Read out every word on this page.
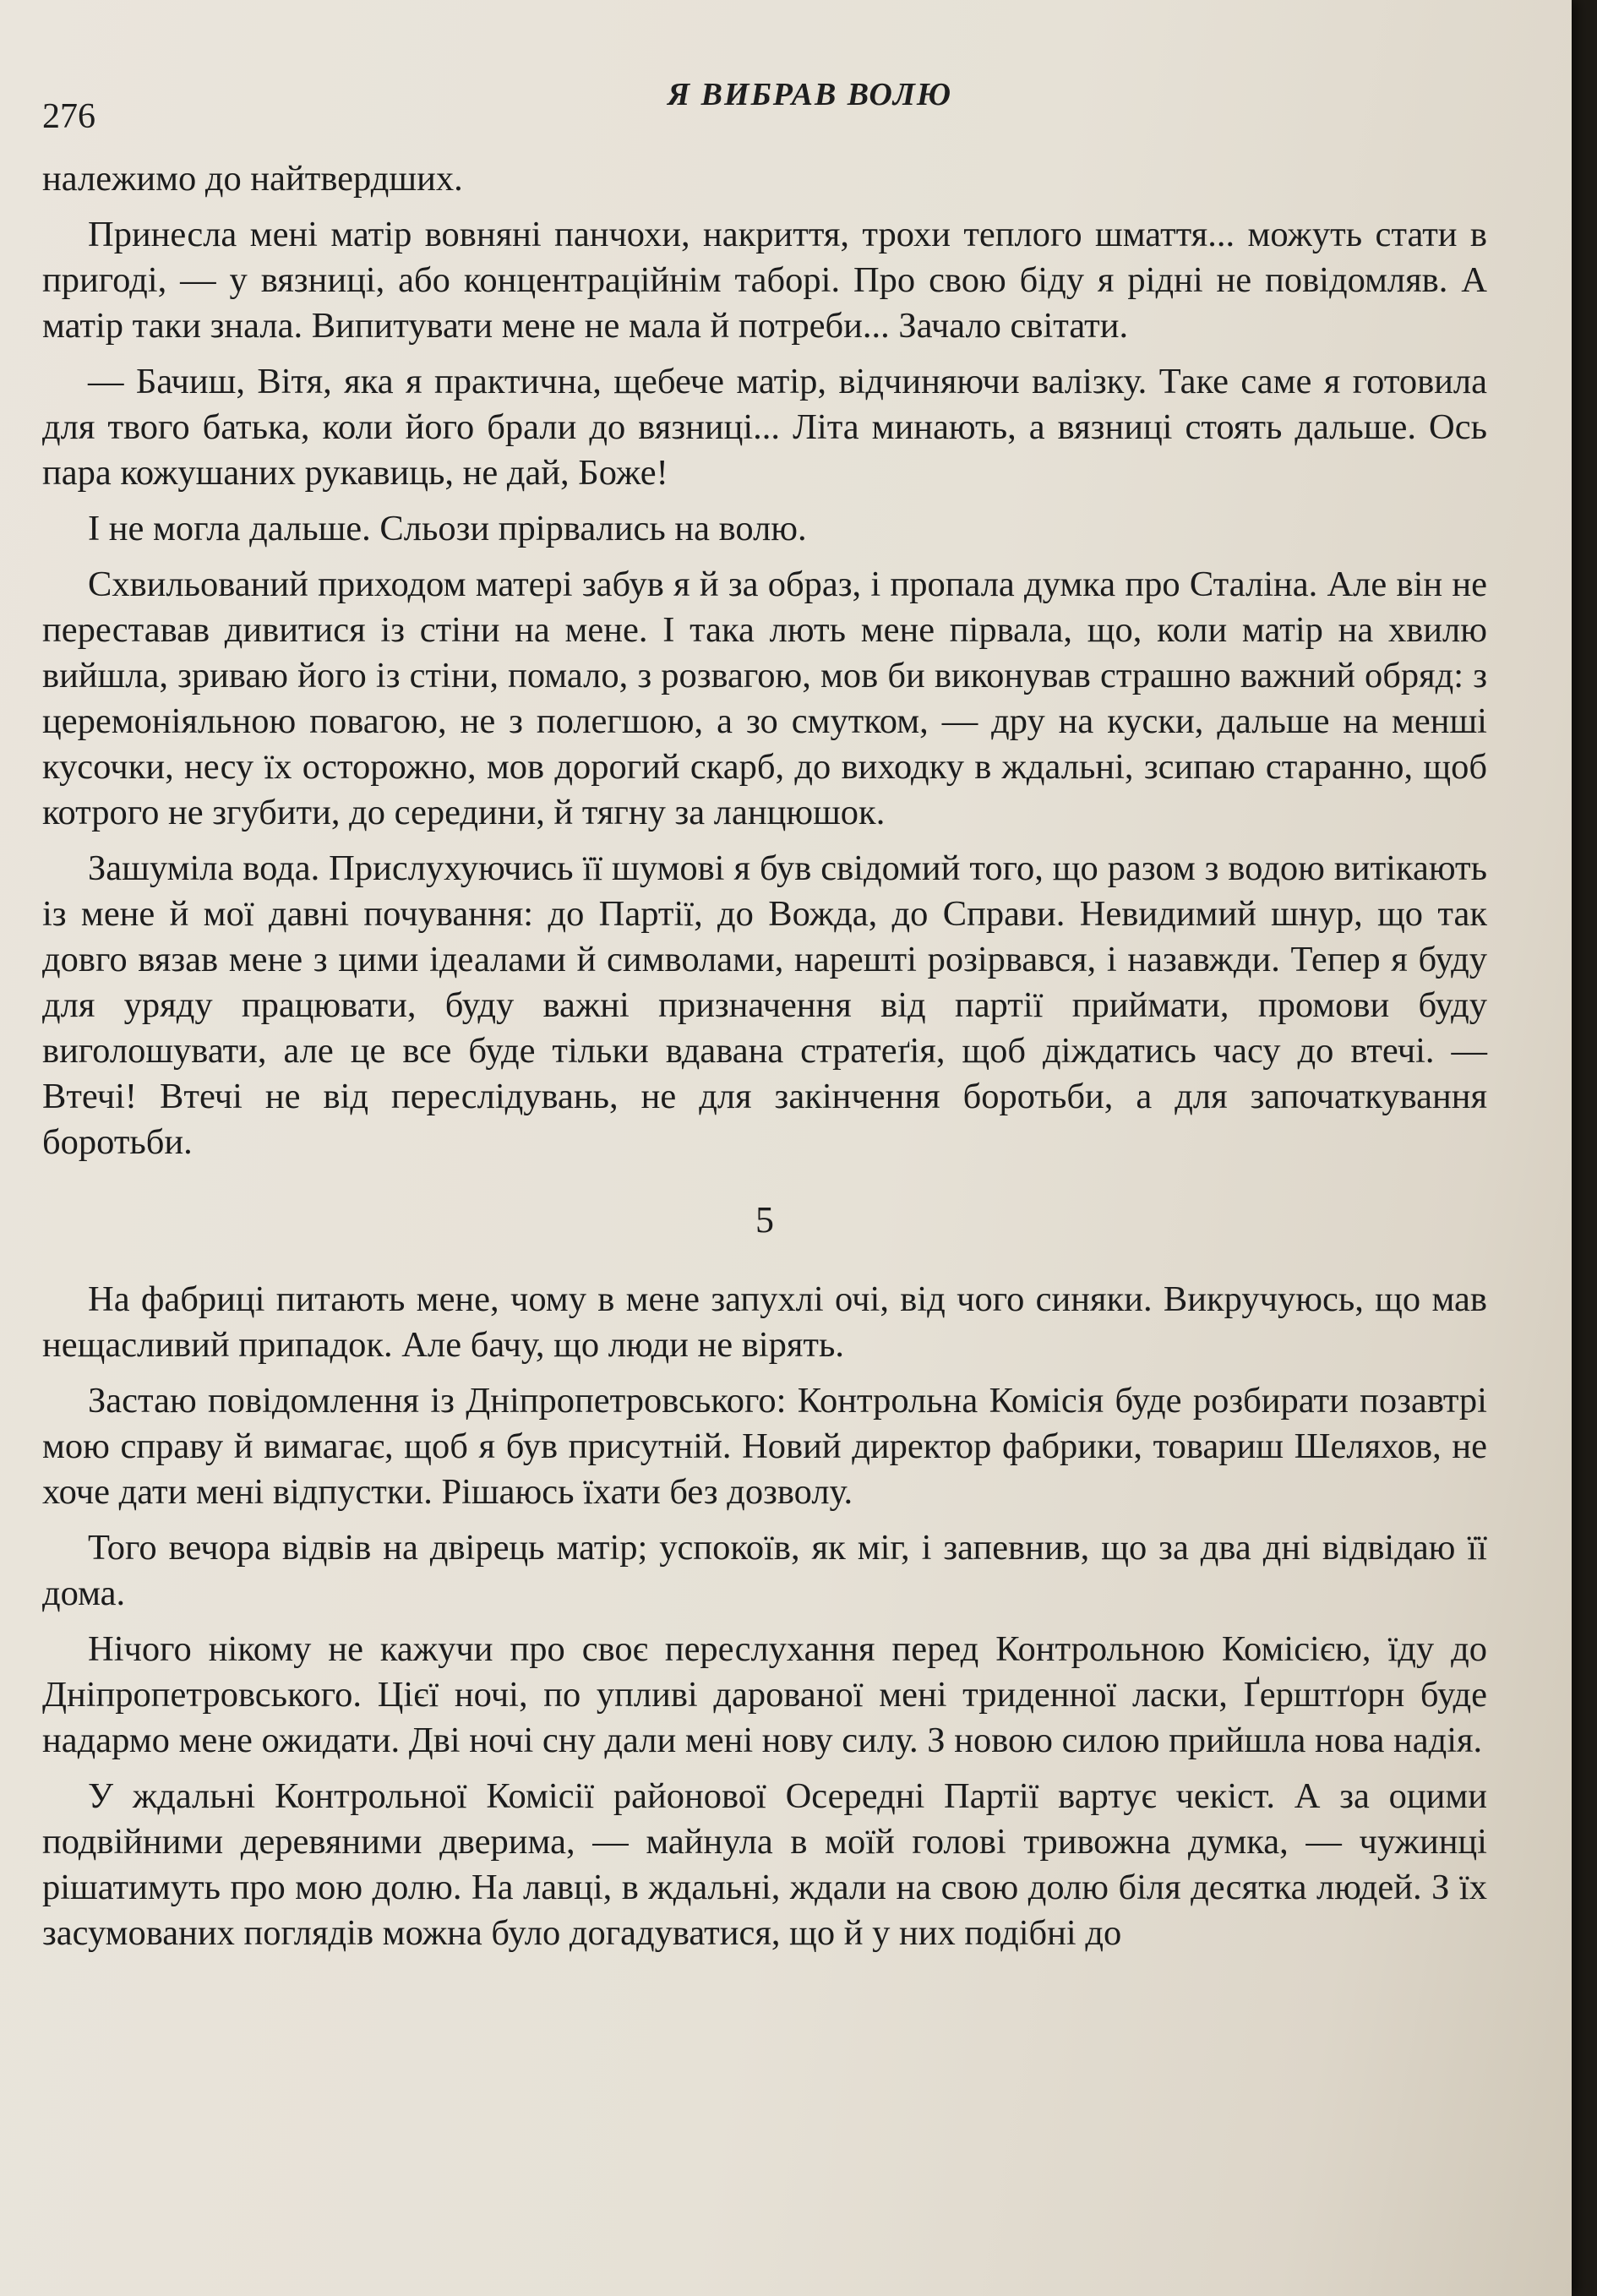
276
Я ВИБРАВ ВОЛЮ

належимо до найтвердших.

Принесла мені матір вовняні панчохи, накриття, трохи теплого шмаття... можуть стати в пригоді, — у вязниці, або концентраційнім таборі. Про свою біду я рідні не повідомляв. А матір таки знала. Випитувати мене не мала й потреби... Зачало світати.

— Бачиш, Вітя, яка я практична, щебече матір, відчиняючи валізку. Таке саме я готовила для твого батька, коли його брали до вязниці... Літа минають, а вязниці стоять дальше. Ось пара кожушаних рукавиць, не дай, Боже!

І не могла дальше. Сльози прірвались на волю.

Схвильований приходом матері забув я й за образ, і пропала думка про Сталіна. Але він не переставав дивитися із стіни на мене. І така лють мене пірвала, що, коли матір на хвилю вийшла, зриваю його із стіни, помало, з розвагою, мов би виконував страшно важний обряд: з церемоніяльною повагою, не з полегшою, а зо смутком, — дру на куски, дальше на менші кусочки, несу їх осторожно, мов дорогий скарб, до виходку в ждальні, зсипаю старанно, щоб котрого не згубити, до середини, й тягну за ланцюшок.

Зашуміла вода. Прислухуючись її шумові я був свідомий того, що разом з водою витікають із мене й мої давні почування: до Партії, до Вожда, до Справи. Невидимий шнур, що так довго вязав мене з цими ідеалами й символами, нарешті розірвався, і назавжди. Тепер я буду для уряду працювати, буду важні призначення від партії приймати, промови буду виголошувати, але це все буде тільки вдавана стратеґія, щоб діждатись часу до втечі. — Втечі! Втечі не від переслідувань, не для закінчення боротьби, а для започаткування боротьби.

5

На фабриці питають мене, чому в мене запухлі очі, від чого синяки. Викручуюсь, що мав нещасливий припадок. Але бачу, що люди не вірять.

Застаю повідомлення із Дніпропетровського: Контрольна Комісія буде розбирати позавтрі мою справу й вимагає, щоб я був присутній. Новий директор фабрики, товариш Шеляхов, не хоче дати мені відпустки. Рішаюсь їхати без дозволу.

Того вечора відвів на двірець матір; успокоїв, як міг, і запевнив, що за два дні відвідаю її дома.

Нічого нікому не кажучи про своє переслухання перед Контрольною Комісією, їду до Дніпропетровського. Цієї ночі, по упливі дарованої мені триденної ласки, Ґерштґорн буде надармо мене ожидати. Дві ночі сну дали мені нову силу. З новою силою прийшла нова надія.

У ждальні Контрольної Комісії районової Осередні Партії вартує чекіст. А за оцими подвійними деревяними дверима, — майнула в моїй голові тривожна думка, — чужинці рішатимуть про мою долю. На лавці, в ждальні, ждали на свою долю біля десятка людей. З їх засумованих поглядів можна було догадуватися, що й у них подібні до
